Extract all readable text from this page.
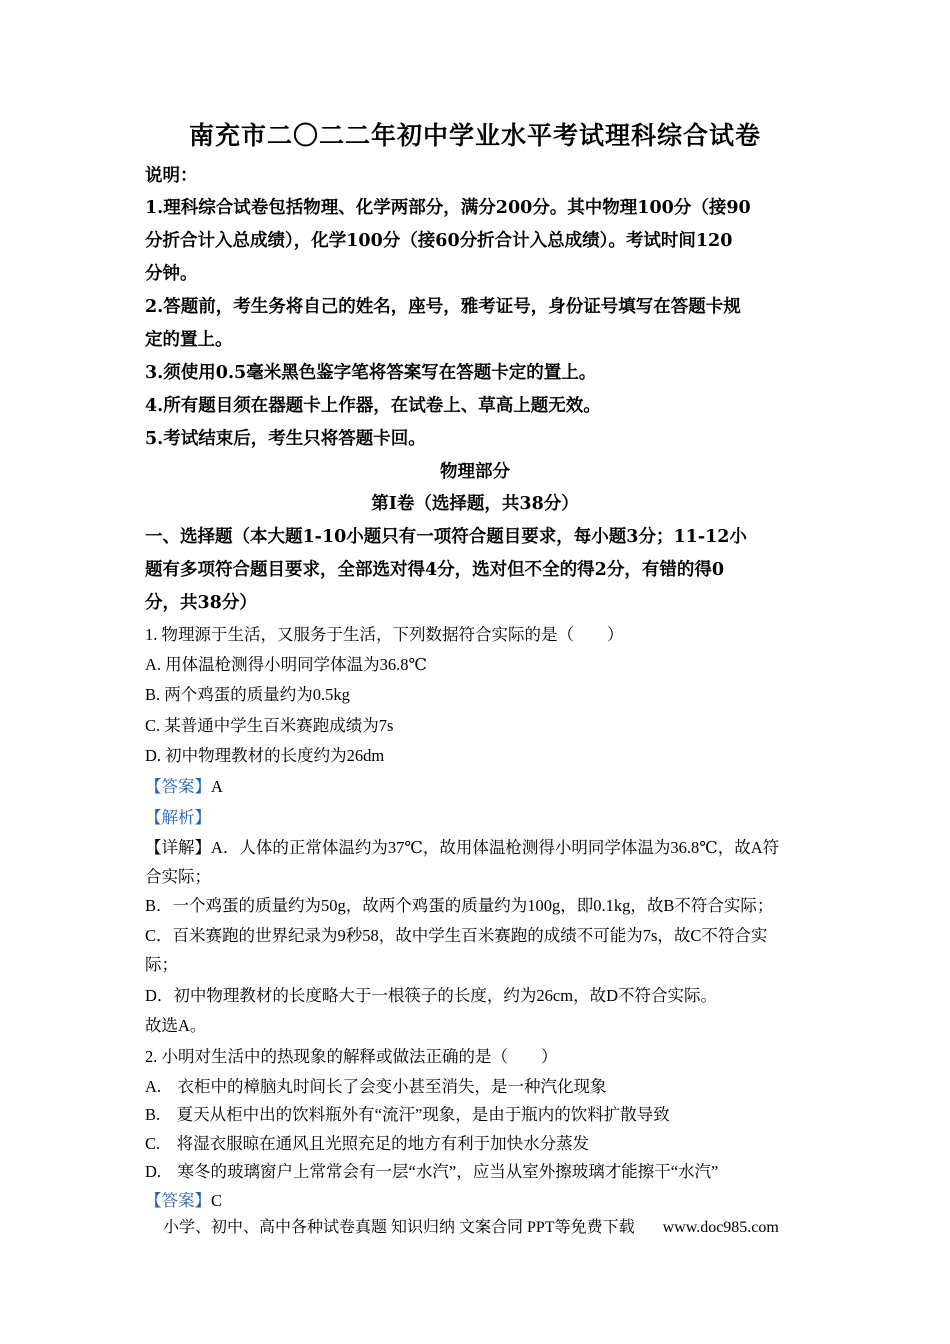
南充市二〇二二年初中学业水平考试理科综合试卷
说明：
1.理科综合试卷包括物理、化学两部分，满分200分。其中物理100分（接90
分折合计入总成绩），化学100分（接60分折合计入总成绩）。考试时间120
分钟。
2.答题前，考生务将自己的姓名，座号，雅考证号，身份证号填写在答题卡规
定的置上。
3.须使用0.5毫米黑色鉴字笔将答案写在答题卡定的置上。
4.所有题目须在器题卡上作器，在试卷上、草高上题无效。
5.考试结束后，考生只将答题卡回。
物理部分
第Ⅰ卷（选择题，共38分）
一、选择题（本大题1-10小题只有一项符合题目要求，每小题3分；11-12小
题有多项符合题目要求，全部选对得4分，选对但不全的得2分，有错的得0
分，共38分）
1. 物理源于生活，又服务于生活，下列数据符合实际的是（　　）
A. 用体温枪测得小明同学体温为36.8℃
B. 两个鸡蛋的质量约为0.5kg
C. 某普通中学生百米赛跑成绩为7s
D. 初中物理教材的长度约为26dm
【答案】A
【解析】
【详解】A．人体的正常体温约为37℃，故用体温枪测得小明同学体温为36.8℃，故A符
合实际；
B．一个鸡蛋的质量约为50g，故两个鸡蛋的质量约为100g，即0.1kg，故B不符合实际；
C．百米赛跑的世界纪录为9秒58，故中学生百米赛跑的成绩不可能为7s，故C不符合实
际；
D．初中物理教材的长度略大于一根筷子的长度，约为26cm，故D不符合实际。
故选A。
2. 小明对生活中的热现象的解释或做法正确的是（　　）
A.　衣柜中的樟脑丸时间长了会变小甚至消失，是一种汽化现象
B.　夏天从柜中出的饮料瓶外有“流汗”现象，是由于瓶内的饮料扩散导致
C.　将湿衣服晾在通风且光照充足的地方有利于加快水分蒸发
D.　寒冬的玻璃窗户上常常会有一层“水汽”，应当从室外擦玻璃才能擦干“水汽”
【答案】C
小学、初中、高中各种试卷真题 知识归纳 文案合同 PPT等免费下载 www.doc985.com
